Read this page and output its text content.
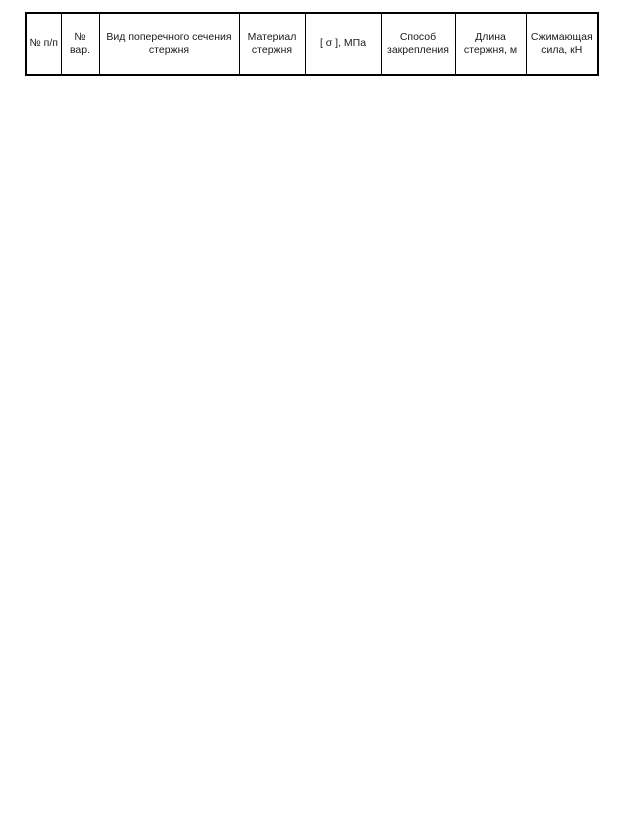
№ п/п	№ вар.	Вид поперечного сечения стержня	Материал стержня	[ σ ], МПа	Способ закрепления	Длина стержня, м	Сжимающая сила, кН
